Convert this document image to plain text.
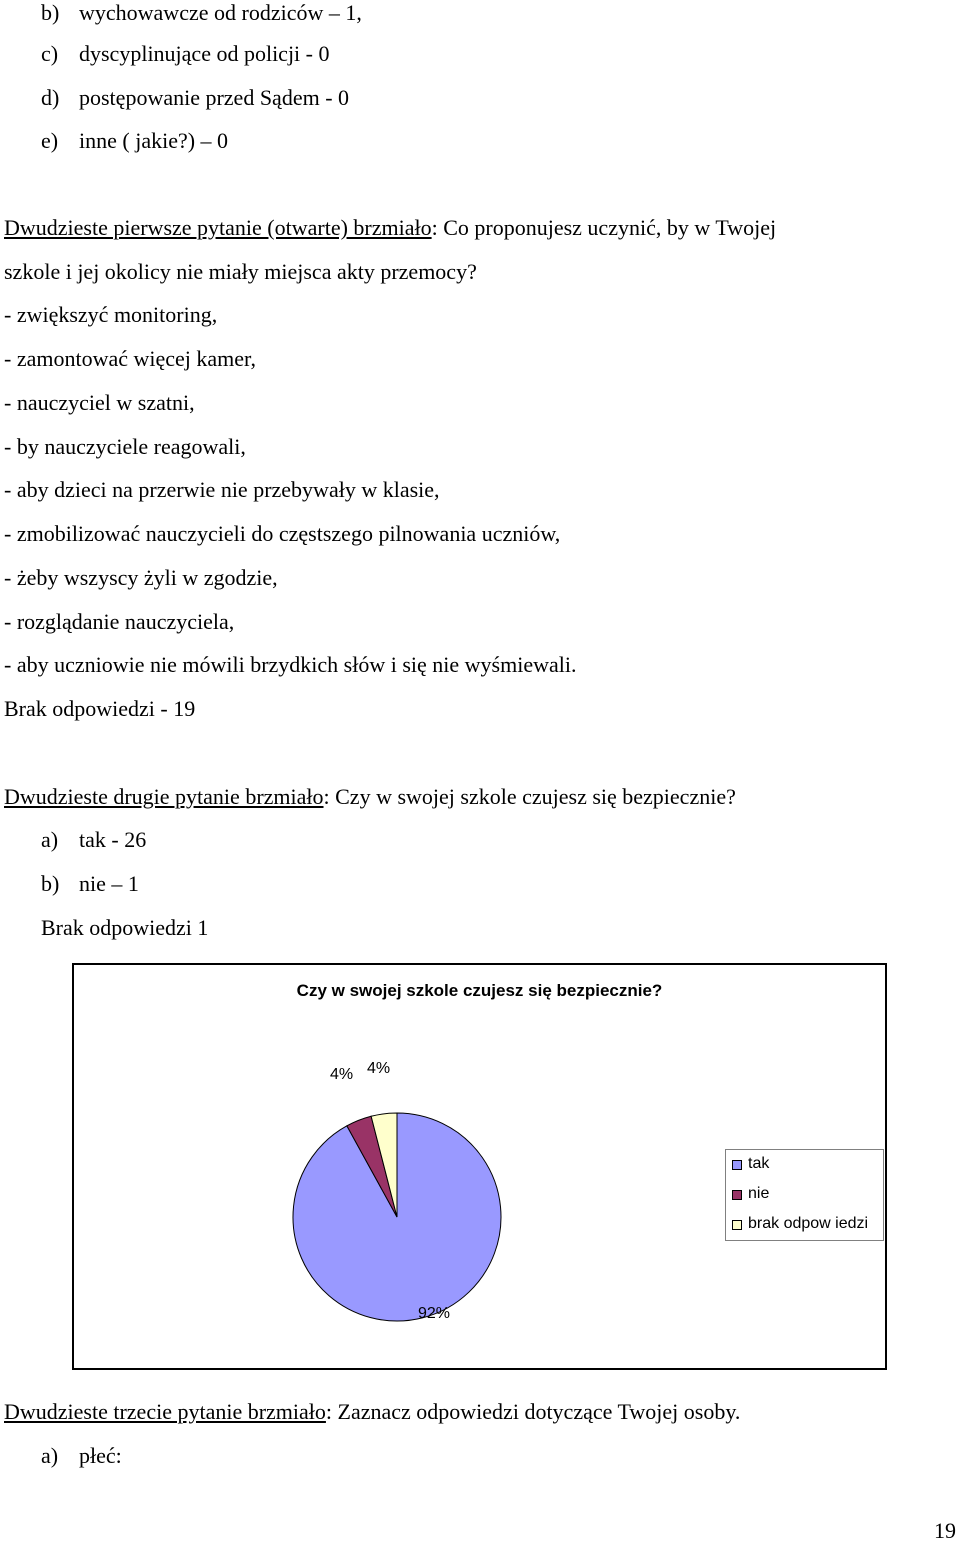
b) wychowawcze od rodziców – 1,
c) dyscyplinujące od policji - 0
d) postępowanie przed Sądem - 0
e) inne ( jakie?) – 0
Dwudzieste pierwsze pytanie (otwarte) brzmiało: Co proponujesz uczynić, by w Twojej
szkole i jej okolicy nie miały miejsca akty przemocy?
- zwiększyć monitoring,
- zamontować więcej kamer,
- nauczyciel w szatni,
- by nauczyciele reagowali,
- aby dzieci na przerwie nie przebywały w klasie,
- zmobilizować nauczycieli do częstszego pilnowania uczniów,
- żeby wszyscy żyli w zgodzie,
- rozglądanie nauczyciela,
- aby uczniowie nie mówili brzydkich słów i się nie wyśmiewali.
Brak odpowiedzi - 19
Dwudzieste drugie pytanie brzmiało: Czy w swojej szkole czujesz się bezpiecznie?
a) tak - 26
b) nie – 1
Brak odpowiedzi 1
Czy w swojej szkole czujesz się bezpiecznie?
92%
4% 4%
tak
nie
brak odpow iedzi
Dwudzieste trzecie pytanie brzmiało: Zaznacz odpowiedzi dotyczące Twojej osoby.
a) płeć:
19
